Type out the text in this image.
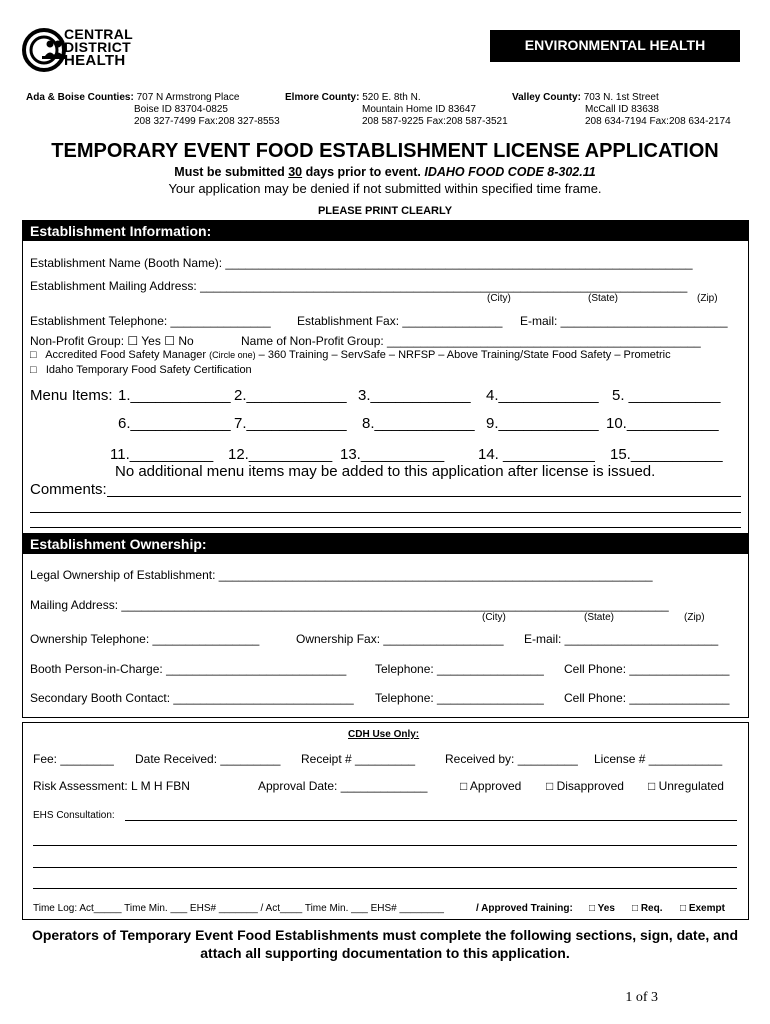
CENTRAL
DISTRICT
HEALTH
ENVIRONMENTAL HEALTH
Ada & Boise Counties: 707 N Armstrong Place
Boise ID 83704-0825
208 327-7499 Fax:208 327-8553
Elmore County: 520 E. 8th N.
Mountain Home ID 83647
208 587-9225 Fax:208 587-3521
Valley County: 703 N. 1st Street
McCall ID 83638
208 634-7194 Fax:208 634-2174
TEMPORARY EVENT FOOD ESTABLISHMENT LICENSE APPLICATION
Must be submitted 30 days prior to event. IDAHO FOOD CODE 8-302.11
Your application may be denied if not submitted within specified time frame.
PLEASE PRINT CLEARLY
Establishment Information:
Establishment Name (Booth Name): ______________________________________________________________________
Establishment Mailing Address: _________________________________________________________________________
(City)	(State)	(Zip)
Establishment Telephone: _______________ Establishment Fax: _______________ E-mail: _________________________
Non-Profit Group: ☐ Yes ☐ No	Name of Non-Profit Group: _______________________________________________
□ Accredited Food Safety Manager (Circle one) – 360 Training – ServSafe – NRFSP – Above Training/State Food Safety – Prometric
□ Idaho Temporary Food Safety Certification
Menu Items: 1.____________ 2.____________ 3.____________ 4.____________ 5. ___________
6.____________ 7.____________ 8.____________ 9.____________ 10.___________
11.__________ 12.__________ 13.__________ 14. ___________ 15.___________
No additional menu items may be added to this application after license is issued.
Comments:
Establishment Ownership:
Legal Ownership of Establishment: _________________________________________________________________
Mailing Address: __________________________________________________________________________________
(City)	(State)	(Zip)
Ownership Telephone: ________________	Ownership Fax: __________________ E-mail: _______________________
Booth Person-in-Charge: ___________________________ Telephone: ________________ Cell Phone: _______________
Secondary Booth Contact: ___________________________ Telephone: ________________ Cell Phone: _______________
CDH Use Only:
Fee: ________ Date Received: _________ Receipt # _________ Received by: _________ License # ___________
Risk Assessment: L M H FBN	Approval Date: _____________	□ Approved □ Disapproved □ Unregulated
EHS Consultation:
Time Log: Act_____ Time Min. ___ EHS# _______ / Act____ Time Min. ___ EHS# ________	/ Approved Training: □ Yes □ Req. □ Exempt
Operators of Temporary Event Food Establishments must complete the following sections, sign, date, and attach all supporting documentation to this application.
1 of 3
